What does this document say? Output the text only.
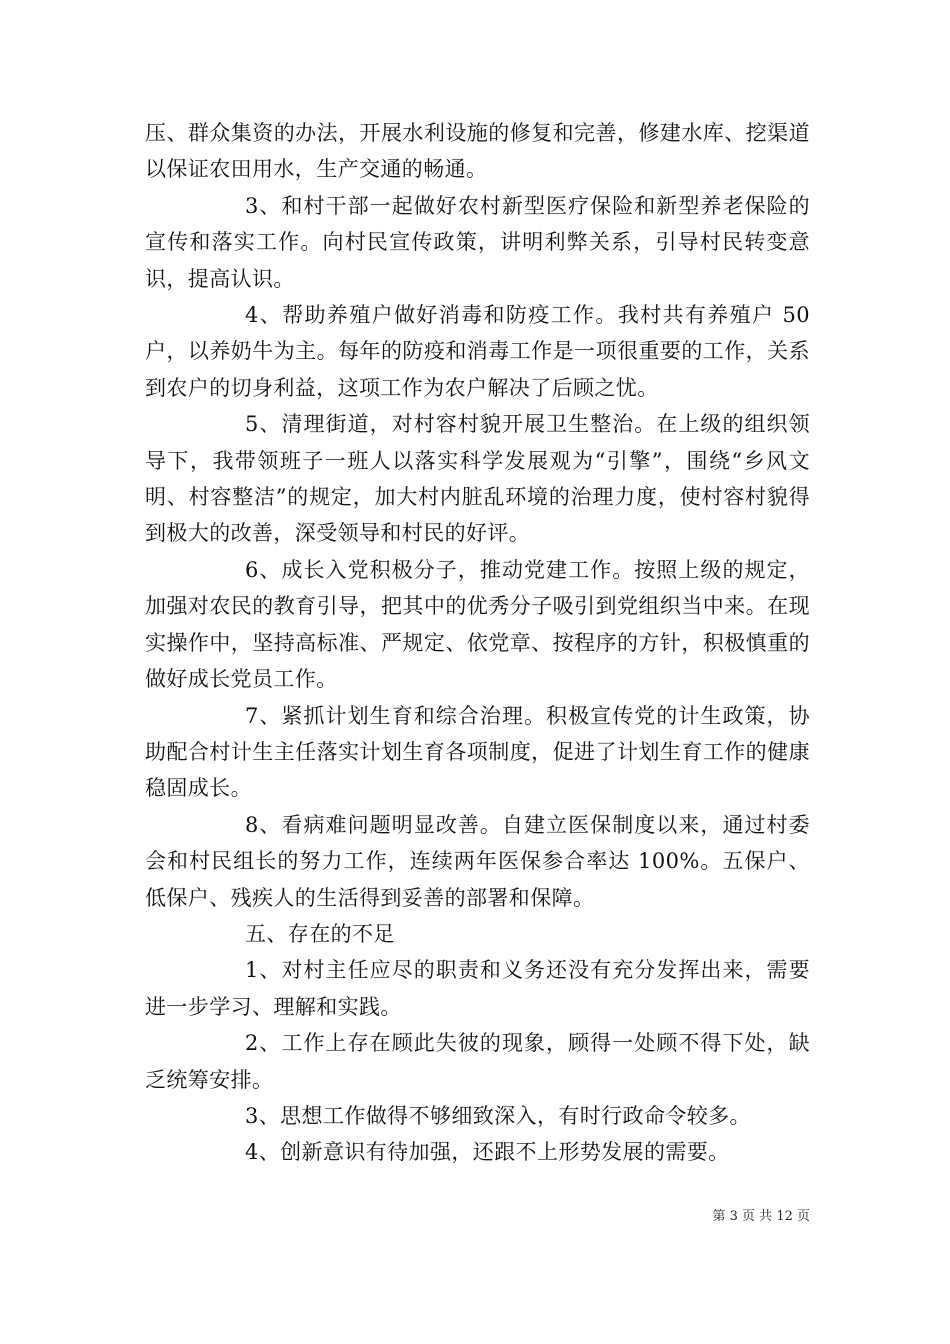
压、群众集资的办法，开展水利设施的修复和完善，修建水库、挖渠道以保证农田用水，生产交通的畅通。

3、和村干部一起做好农村新型医疗保险和新型养老保险的宣传和落实工作。向村民宣传政策，讲明利弊关系，引导村民转变意识，提高认识。

4、帮助养殖户做好消毒和防疫工作。我村共有养殖户 50户，以养奶牛为主。每年的防疫和消毒工作是一项很重要的工作，关系到农户的切身利益，这项工作为农户解决了后顾之忧。

5、清理街道，对村容村貌开展卫生整治。在上级的组织领导下，我带领班子一班人以落实科学发展观为“引擎”，围绕“乡风文明、村容整洁”的规定，加大村内脏乱环境的治理力度，使村容村貌得到极大的改善，深受领导和村民的好评。

6、成长入党积极分子，推动党建工作。按照上级的规定，加强对农民的教育引导，把其中的优秀分子吸引到党组织当中来。在现实操作中，坚持高标准、严规定、依党章、按程序的方针，积极慎重的做好成长党员工作。

7、紧抓计划生育和综合治理。积极宣传党的计生政策，协助配合村计生主任落实计划生育各项制度，促进了计划生育工作的健康稳固成长。

8、看病难问题明显改善。自建立医保制度以来，通过村委会和村民组长的努力工作，连续两年医保参合率达 100%。五保户、低保户、残疾人的生活得到妥善的部署和保障。

五、存在的不足

1、对村主任应尽的职责和义务还没有充分发挥出来，需要进一步学习、理解和实践。

2、工作上存在顾此失彼的现象，顾得一处顾不得下处，缺乏统筹安排。

3、思想工作做得不够细致深入，有时行政命令较多。

4、创新意识有待加强，还跟不上形势发展的需要。

第 3 页 共 12 页
